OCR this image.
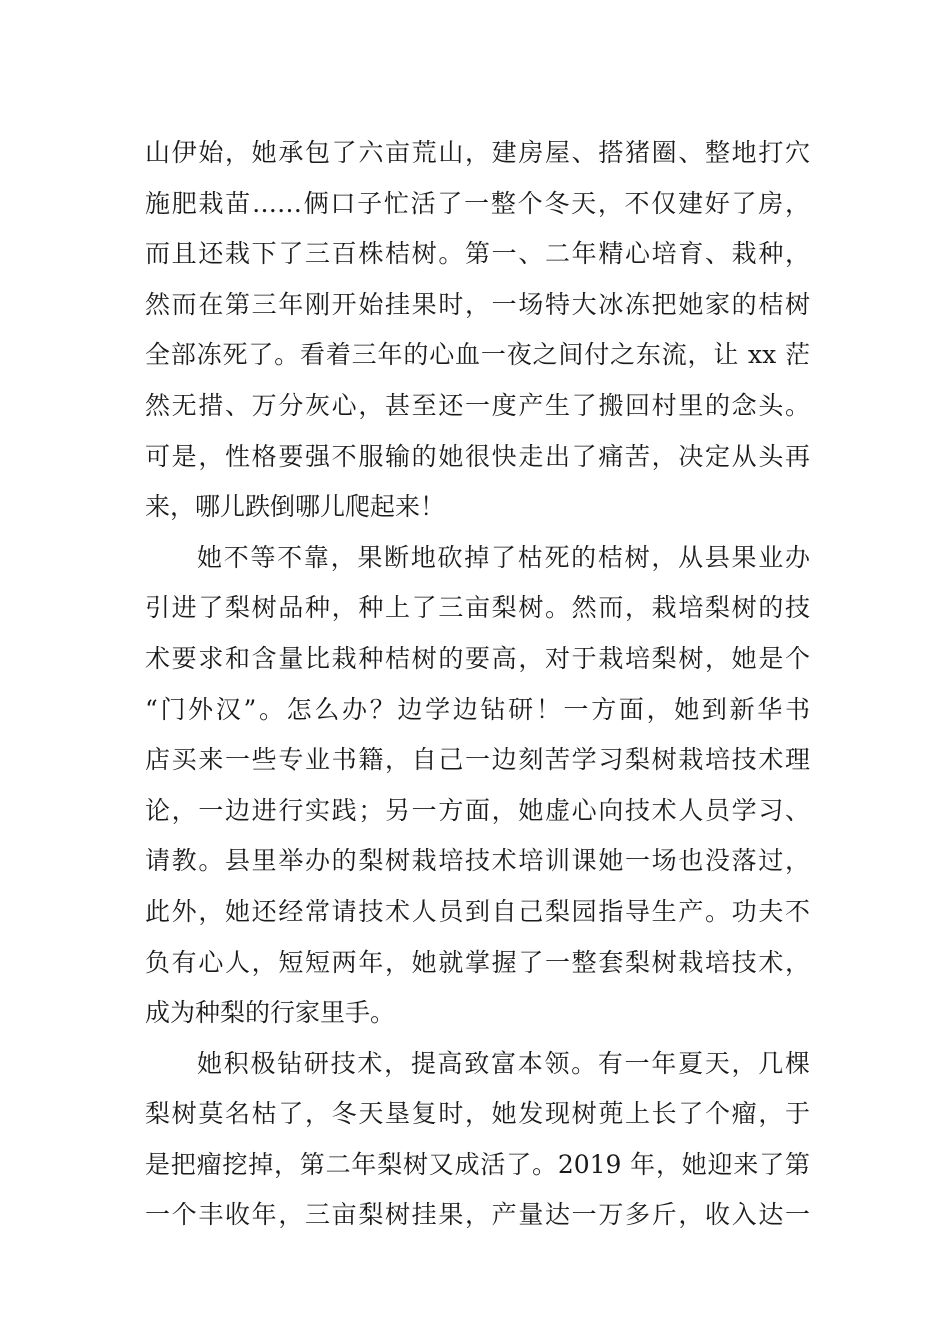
山伊始，她承包了六亩荒山，建房屋、搭猪圈、整地打穴
施肥栽苗……俩口子忙活了一整个冬天，不仅建好了房，
而且还栽下了三百株桔树。第一、二年精心培育、栽种，
然而在第三年刚开始挂果时，一场特大冰冻把她家的桔树
全部冻死了。看着三年的心血一夜之间付之东流，让 xx 茫
然无措、万分灰心，甚至还一度产生了搬回村里的念头。
可是，性格要强不服输的她很快走出了痛苦，决定从头再
来，哪儿跌倒哪儿爬起来！
她不等不靠，果断地砍掉了枯死的桔树，从县果业办
引进了梨树品种，种上了三亩梨树。然而，栽培梨树的技
术要求和含量比栽种桔树的要高，对于栽培梨树，她是个
“门外汉”。怎么办？边学边钻研！一方面，她到新华书
店买来一些专业书籍，自己一边刻苦学习梨树栽培技术理
论，一边进行实践；另一方面，她虚心向技术人员学习、
请教。县里举办的梨树栽培技术培训课她一场也没落过，
此外，她还经常请技术人员到自己梨园指导生产。功夫不
负有心人，短短两年，她就掌握了一整套梨树栽培技术，
成为种梨的行家里手。
她积极钻研技术，提高致富本领。有一年夏天，几棵
梨树莫名枯了，冬天垦复时，她发现树蔸上长了个瘤，于
是把瘤挖掉，第二年梨树又成活了。2019 年，她迎来了第
一个丰收年，三亩梨树挂果，产量达一万多斤，收入达一
